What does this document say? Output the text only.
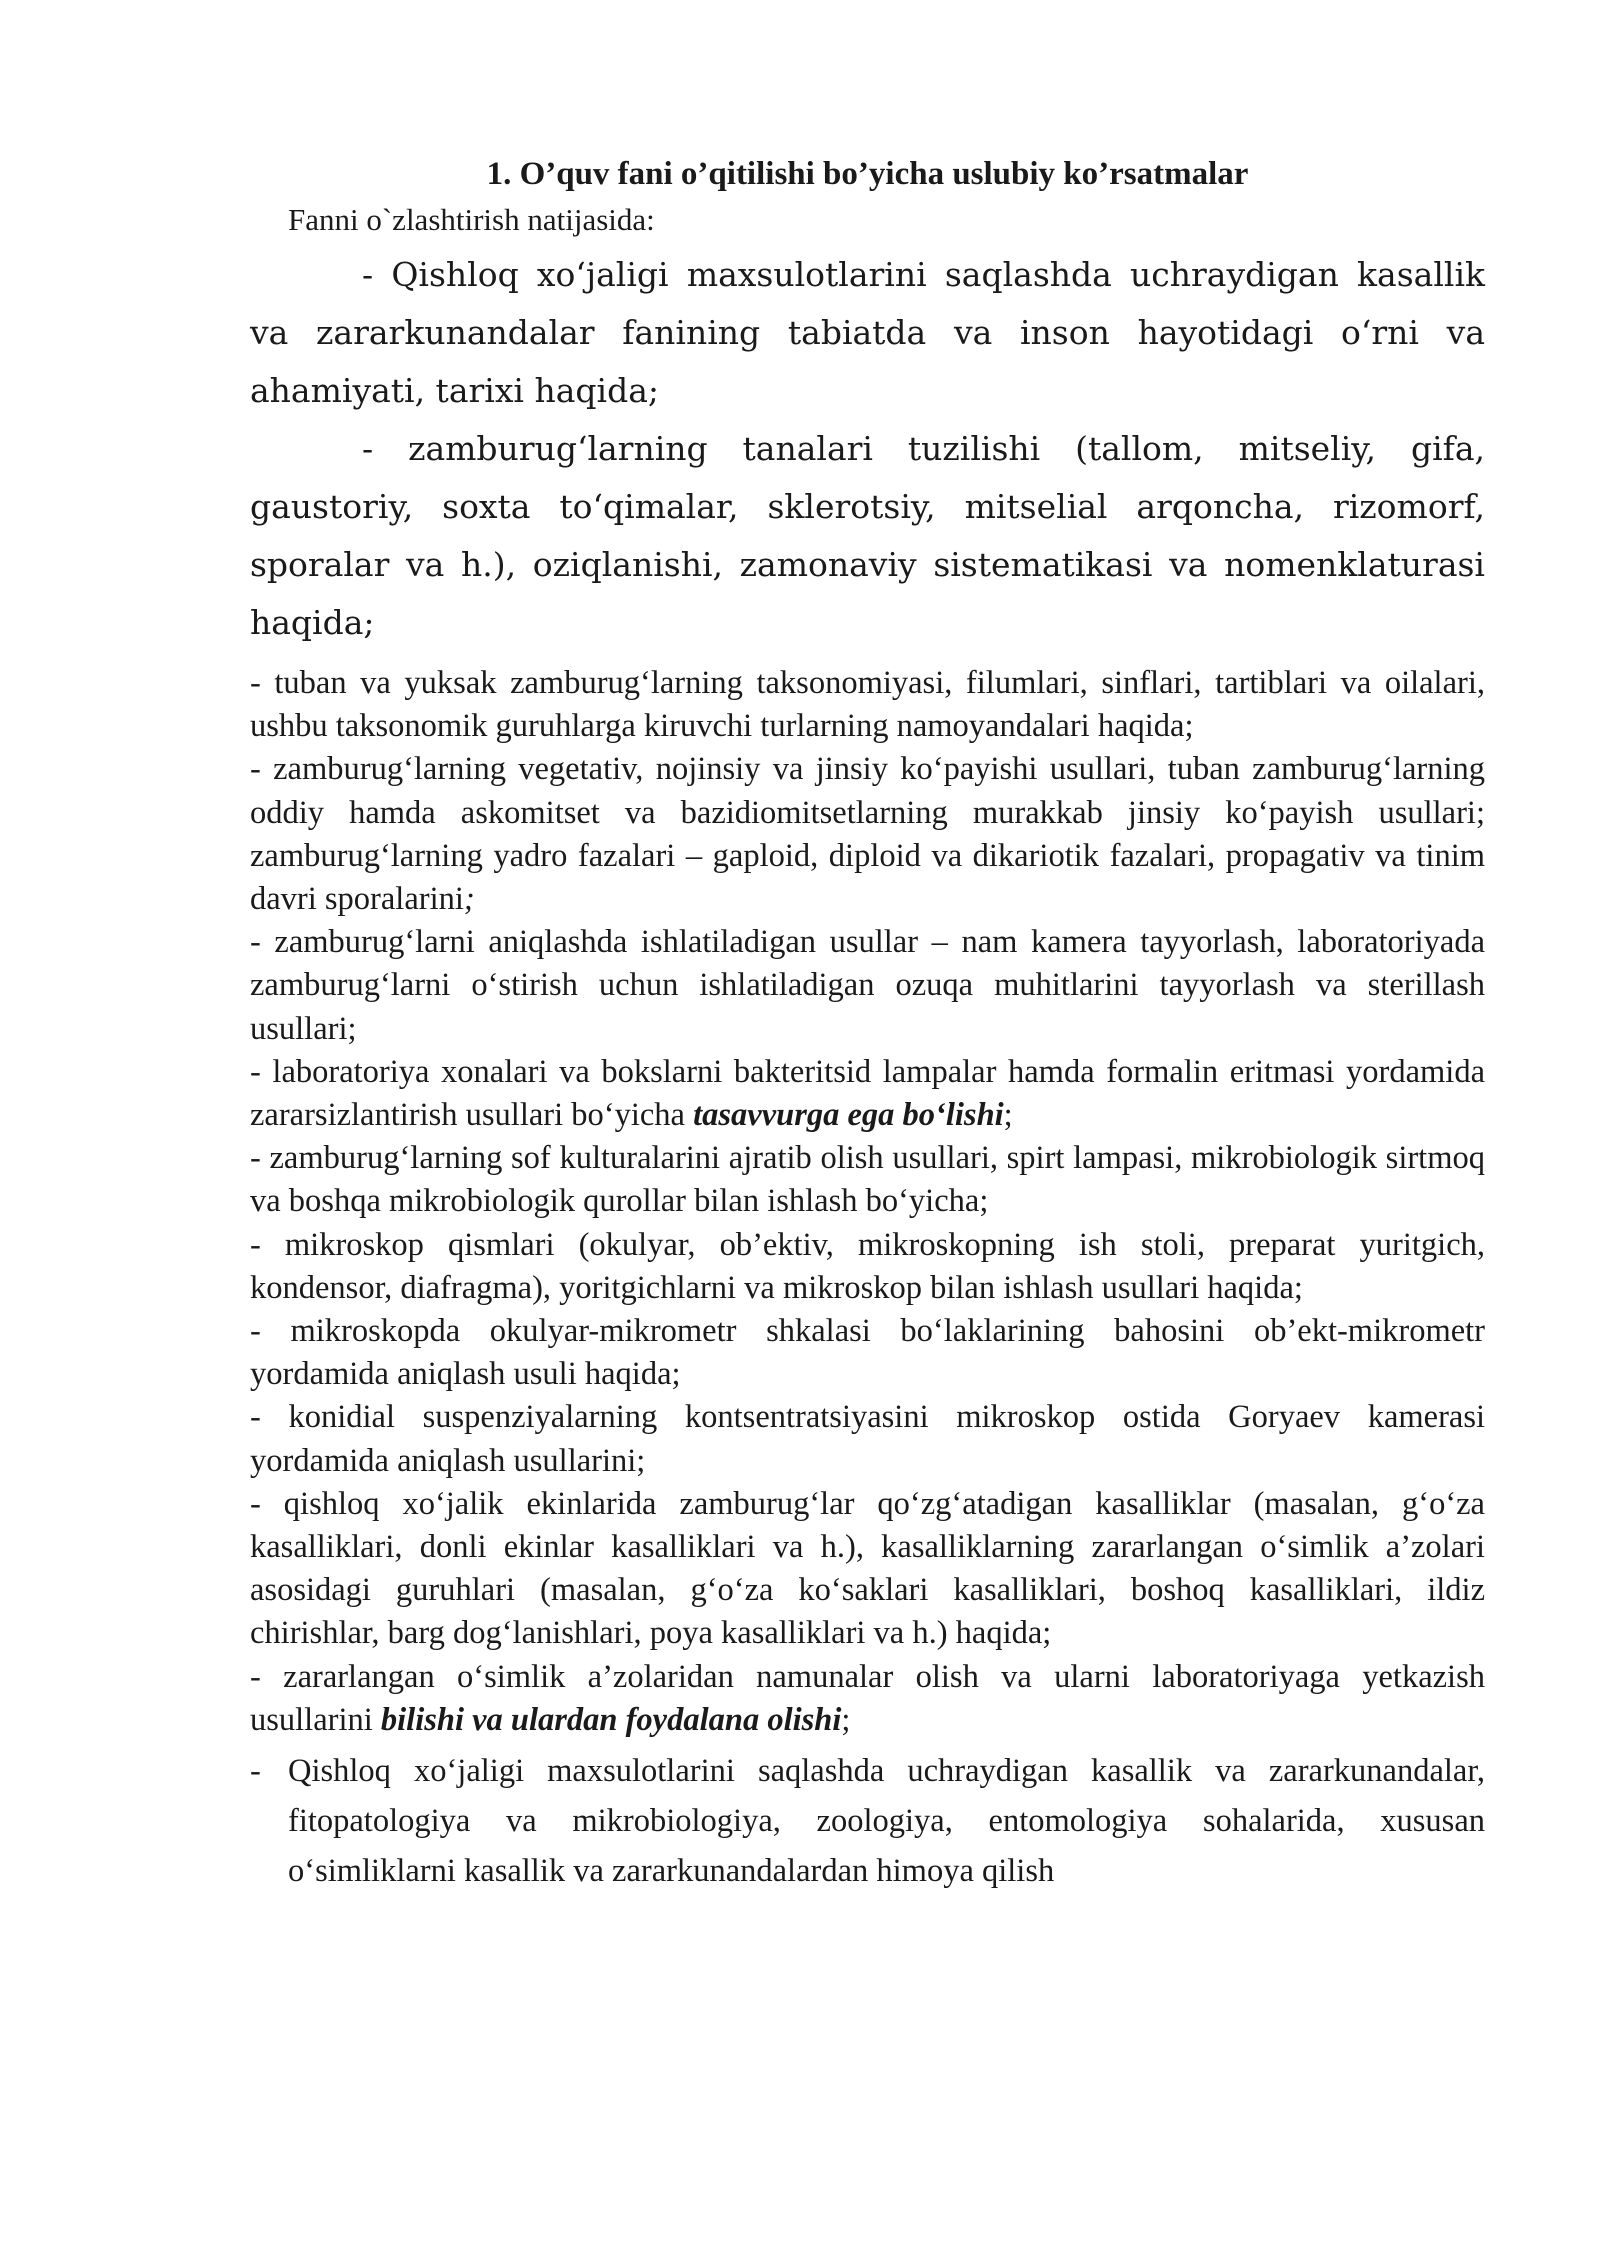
1. O’quv fani o’qitilishi bo’yicha uslubiy ko’rsatmalar

Fanni o`zlashtirish natijasida:

- Qishloq xo‘jaligi maxsulotlarini saqlashda uchraydigan kasallik va zararkunandalar fanining tabiatda va inson hayotidagi o‘rni va ahamiyati, tarixi haqida;

- zamburug‘larning tanalari tuzilishi (tallom, mitseliy, gifa, gaustoriy, soxta to‘qimalar, sklerotsiy, mitselial arqoncha, rizomorf, sporalar va h.), oziqlanishi, zamonaviy sistematikasi va nomenklaturasi haqida;

- tuban va yuksak zamburug‘larning taksonomiyasi, filumlari, sinflari, tartiblari va oilalari, ushbu taksonomik guruhlarga kiruvchi turlarning namoyandalari haqida;

- zamburug‘larning vegetativ, nojinsiy va jinsiy ko‘payishi usullari, tuban zamburug‘larning oddiy hamda askomitset va bazidiomitsetlarning murakkab jinsiy ko‘payish usullari; zamburug‘larning yadro fazalari – gaploid, diploid va dikariotik fazalari, propagativ va tinim davri sporalarini;

- zamburug‘larni aniqlashda ishlatiladigan usullar – nam kamera tayyorlash, laboratoriyada zamburug‘larni o‘stirish uchun ishlatiladigan ozuqa muhitlarini tayyorlash va sterillash usullari;

- laboratoriya xonalari va bokslarni bakteritsid lampalar hamda formalin eritmasi yordamida zararsizlantirish usullari bo‘yicha tasavvurga ega bo‘lishi;

- zamburug‘larning sof kulturalarini ajratib olish usullari, spirt lampasi, mikrobiologik sirtmoq va boshqa mikrobiologik qurollar bilan ishlash bo‘yicha;

- mikroskop qismlari (okulyar, ob’ektiv, mikroskopning ish stoli, preparat yuritgich, kondensor, diafragma), yoritgichlarni va mikroskop bilan ishlash usullari haqida;

- mikroskopda okulyar-mikrometr shkalasi bo‘laklarining bahosini ob’ekt-mikrometr yordamida aniqlash usuli haqida;

- konidial suspenziyalarning kontsentratsiyasini mikroskop ostida Goryaev kamerasi yordamida aniqlash usullarini;

- qishloq xo‘jalik ekinlarida zamburug‘lar qo‘zg‘atadigan kasalliklar (masalan, g‘o‘za kasalliklari, donli ekinlar kasalliklari va h.), kasalliklarning zararlangan o‘simlik a’zolari asosidagi guruhlari (masalan, g‘o‘za ko‘saklari kasalliklari, boshoq kasalliklari, ildiz chirishlar, barg dog‘lanishlari, poya kasalliklari va h.) haqida;

- zararlangan o‘simlik a’zolaridan namunalar olish va ularni laboratoriyaga yetkazish usullarini bilishi va ulardan foydalana olishi;

- Qishloq xo‘jaligi maxsulotlarini saqlashda uchraydigan kasallik va zararkunandalar, fitopatologiya va mikrobiologiya, zoologiya, entomologiya sohalarida, xususan o‘simliklarni kasallik va zararkunandalardan himoya qilish
